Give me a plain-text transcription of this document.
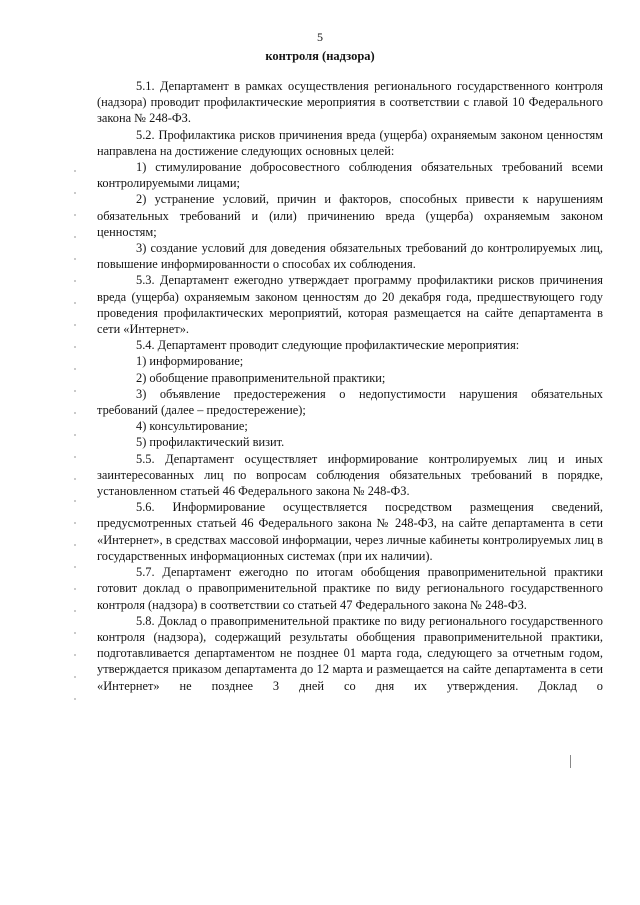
5
контроля (надзора)

5.1. Департамент в рамках осуществления регионального государственного контроля (надзора) проводит профилактические мероприятия в соответствии с главой 10 Федерального закона № 248-ФЗ.

5.2. Профилактика рисков причинения вреда (ущерба) охраняемым законом ценностям направлена на достижение следующих основных целей:

1) стимулирование добросовестного соблюдения обязательных требований всеми контролируемыми лицами;

2) устранение условий, причин и факторов, способных привести к нарушениям обязательных требований и (или) причинению вреда (ущерба) охраняемым законом ценностям;

3) создание условий для доведения обязательных требований до контролируемых лиц, повышение информированности о способах их соблюдения.

5.3. Департамент ежегодно утверждает программу профилактики рисков причинения вреда (ущерба) охраняемым законом ценностям до 20 декабря года, предшествующего году проведения профилактических мероприятий, которая размещается на сайте департамента в сети «Интернет».

5.4. Департамент проводит следующие профилактические мероприятия:

1) информирование;

2) обобщение правоприменительной практики;

3) объявление предостережения о недопустимости нарушения обязательных требований (далее – предостережение);

4) консультирование;

5) профилактический визит.

5.5. Департамент осуществляет информирование контролируемых лиц и иных заинтересованных лиц по вопросам соблюдения обязательных требований в порядке, установленном статьей 46 Федерального закона № 248-ФЗ.

5.6. Информирование осуществляется посредством размещения сведений, предусмотренных статьей 46 Федерального закона № 248-ФЗ, на сайте департамента в сети «Интернет», в средствах массовой информации, через личные кабинеты контролируемых лиц в государственных информационных системах (при их наличии).

5.7. Департамент ежегодно по итогам обобщения правоприменительной практики готовит доклад о правоприменительной практике по виду регионального государственного контроля (надзора) в соответствии со статьей 47 Федерального закона № 248-ФЗ.

5.8. Доклад о правоприменительной практике по виду регионального государственного контроля (надзора), содержащий результаты обобщения правоприменительной практики, подготавливается департаментом не позднее 01 марта года, следующего за отчетным годом, утверждается приказом департамента до 12 марта и размещается на сайте департамента в сети «Интернет» не позднее 3 дней со дня их утверждения. Доклад о
